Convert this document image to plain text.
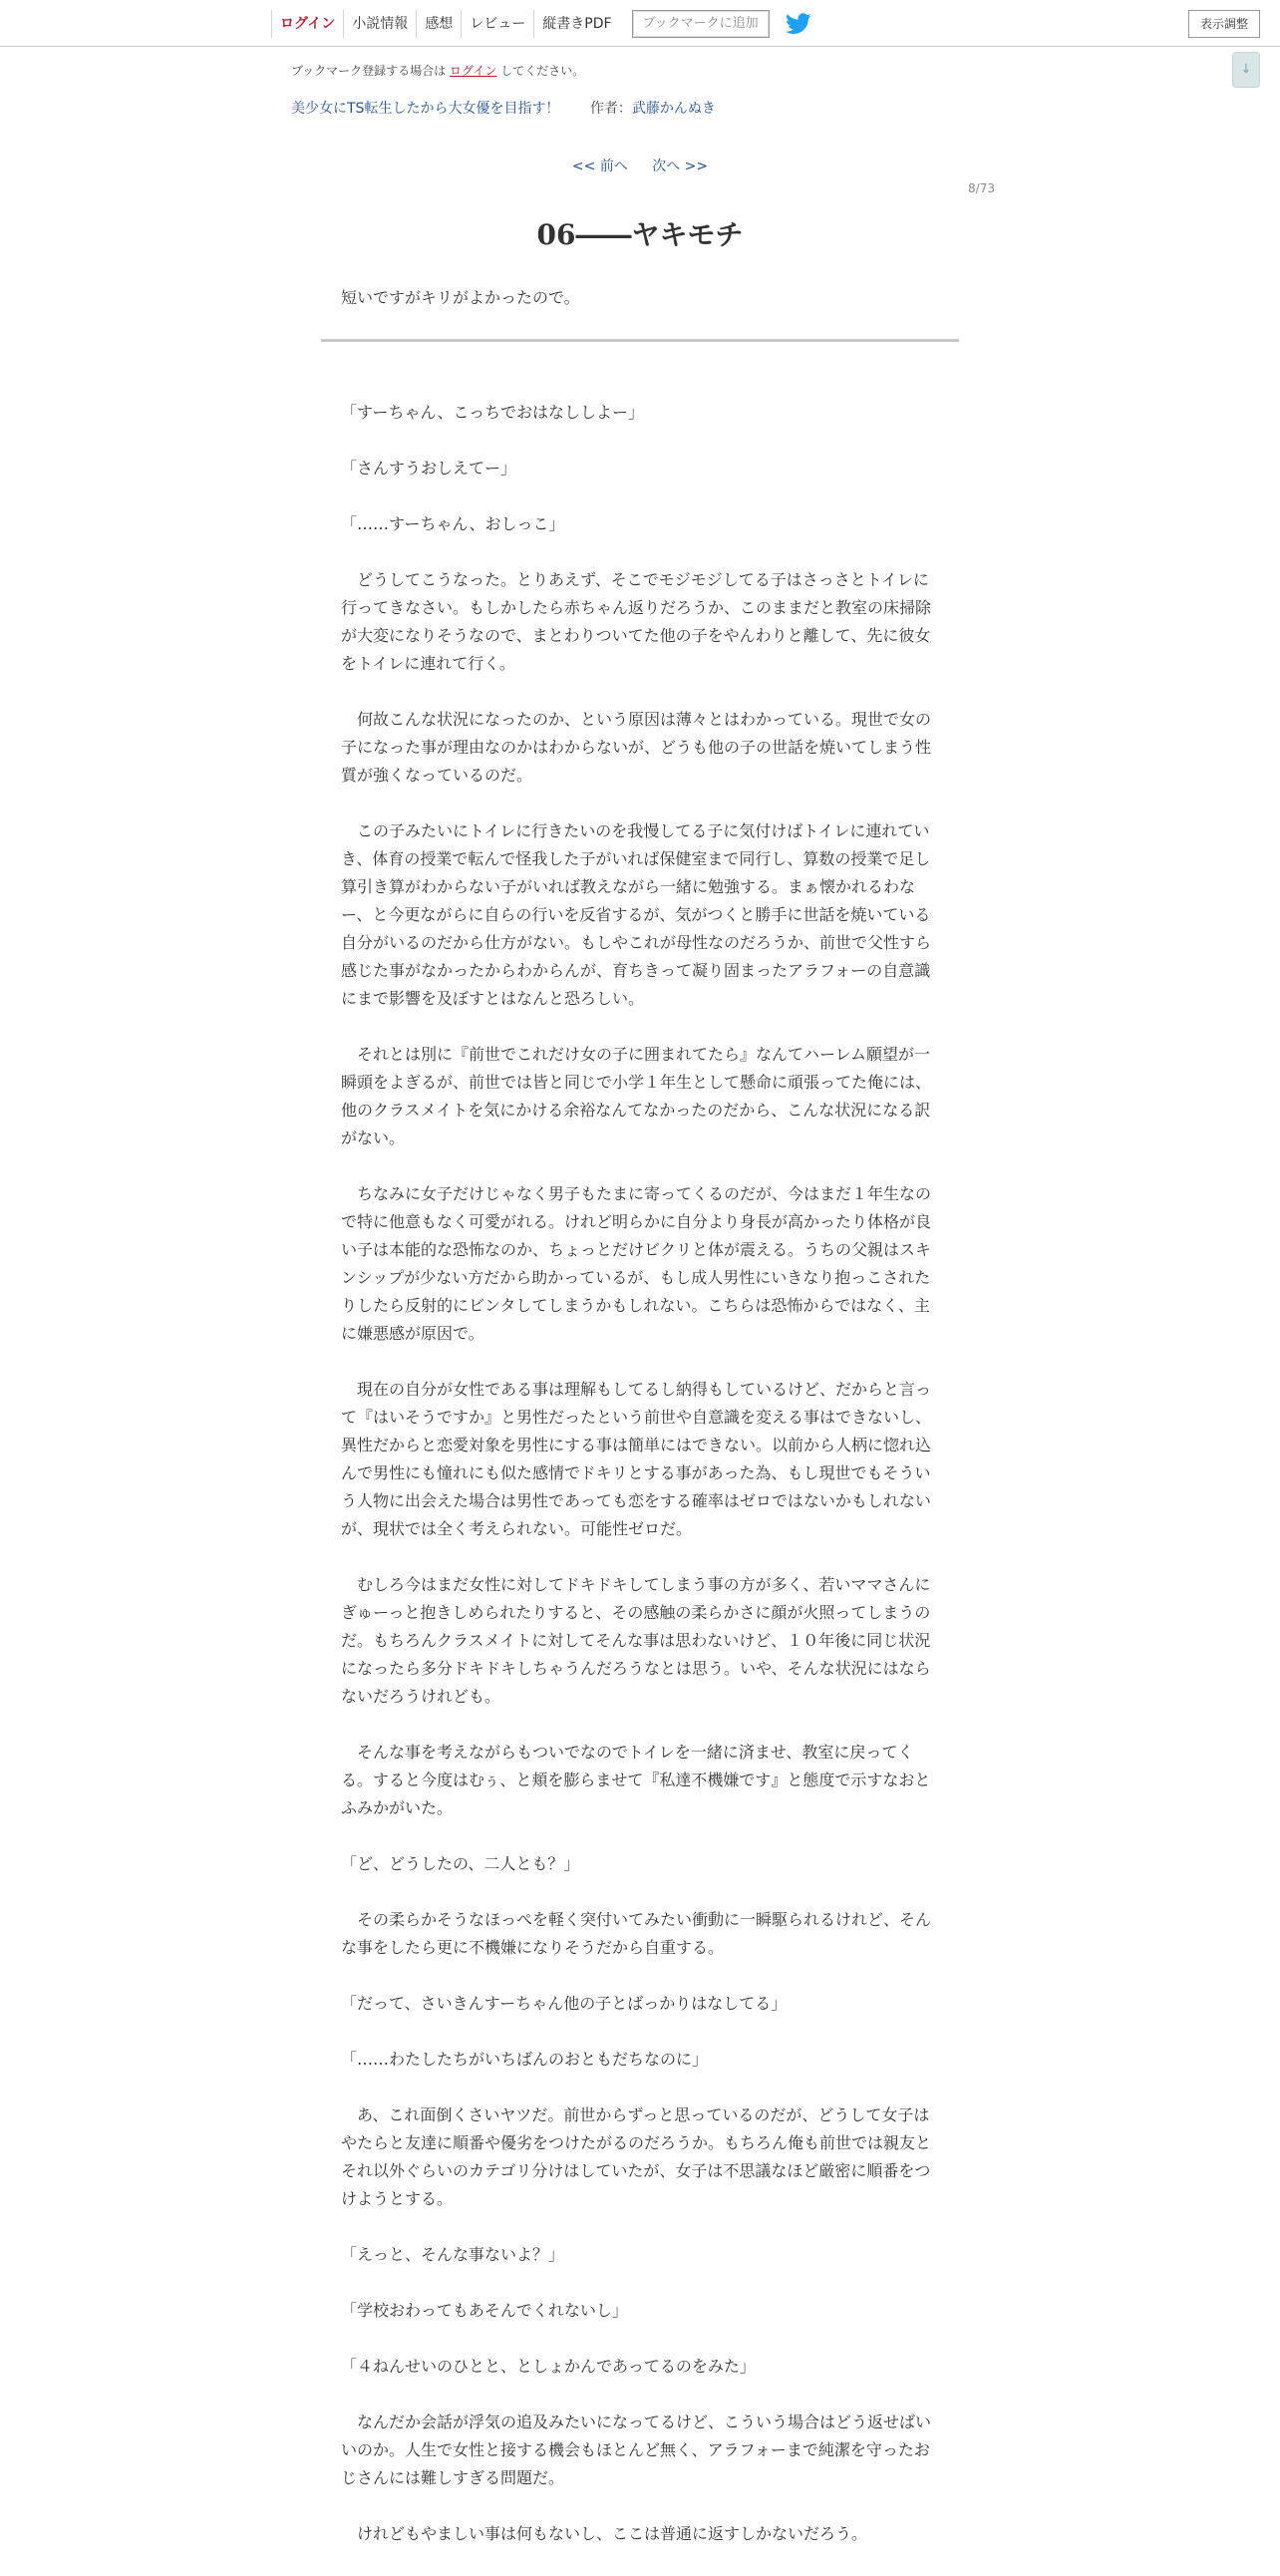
ログイン	小説情報	感想	レビュー	縦書きPDF	ブックマークに追加	表示調整
↓
ブックマーク登録する場合は ログイン してください。
美少女にTS転生したから大女優を目指す！ 作者：武藤かんぬき
<< 前へ 次へ >>
8/73
06――ヤキモチ
短いですがキリがよかったので。

「すーちゃん、こっちでおはなししよー」

「さんすうおしえてー」

「……すーちゃん、おしっこ」

　どうしてこうなった。とりあえず、そこでモジモジしてる子はさっさとトイレに行ってきなさい。もしかしたら赤ちゃん返りだろうか、このままだと教室の床掃除が大変になりそうなので、まとわりついてた他の子をやんわりと離して、先に彼女をトイレに連れて行く。

　何故こんな状況になったのか、という原因は薄々とはわかっている。現世で女の子になった事が理由なのかはわからないが、どうも他の子の世話を焼いてしまう性質が強くなっているのだ。

　この子みたいにトイレに行きたいのを我慢してる子に気付けばトイレに連れていき、体育の授業で転んで怪我した子がいれば保健室まで同行し、算数の授業で足し算引き算がわからない子がいれば教えながら一緒に勉強する。まぁ懐かれるわなー、と今更ながらに自らの行いを反省するが、気がつくと勝手に世話を焼いている自分がいるのだから仕方がない。もしやこれが母性なのだろうか、前世で父性すら感じた事がなかったからわからんが、育ちきって凝り固まったアラフォーの自意識にまで影響を及ぼすとはなんと恐ろしい。

　それとは別に『前世でこれだけ女の子に囲まれてたら』なんてハーレム願望が一瞬頭をよぎるが、前世では皆と同じで小学１年生として懸命に頑張ってた俺には、他のクラスメイトを気にかける余裕なんてなかったのだから、こんな状況になる訳がない。

　ちなみに女子だけじゃなく男子もたまに寄ってくるのだが、今はまだ１年生なので特に他意もなく可愛がれる。けれど明らかに自分より身長が高かったり体格が良い子は本能的な恐怖なのか、ちょっとだけビクリと体が震える。うちの父親はスキンシップが少ない方だから助かっているが、もし成人男性にいきなり抱っこされたりしたら反射的にビンタしてしまうかもしれない。こちらは恐怖からではなく、主に嫌悪感が原因で。

　現在の自分が女性である事は理解もしてるし納得もしているけど、だからと言って『はいそうですか』と男性だったという前世や自意識を変える事はできないし、異性だからと恋愛対象を男性にする事は簡単にはできない。以前から人柄に惚れ込んで男性にも憧れにも似た感情でドキリとする事があった為、もし現世でもそういう人物に出会えた場合は男性であっても恋をする確率はゼロではないかもしれないが、現状では全く考えられない。可能性ゼロだ。

　むしろ今はまだ女性に対してドキドキしてしまう事の方が多く、若いママさんにぎゅーっと抱きしめられたりすると、その感触の柔らかさに顔が火照ってしまうのだ。もちろんクラスメイトに対してそんな事は思わないけど、１０年後に同じ状況になったら多分ドキドキしちゃうんだろうなとは思う。いや、そんな状況にはならないだろうけれども。

　そんな事を考えながらもついでなのでトイレを一緒に済ませ、教室に戻ってくる。すると今度はむぅ、と頬を膨らませて『私達不機嫌です』と態度で示すなおとふみかがいた。

「ど、どうしたの、二人とも？」

　その柔らかそうなほっぺを軽く突付いてみたい衝動に一瞬駆られるけれど、そんな事をしたら更に不機嫌になりそうだから自重する。

「だって、さいきんすーちゃん他の子とばっかりはなしてる」

「……わたしたちがいちばんのおともだちなのに」

　あ、これ面倒くさいヤツだ。前世からずっと思っているのだが、どうして女子はやたらと友達に順番や優劣をつけたがるのだろうか。もちろん俺も前世では親友とそれ以外ぐらいのカテゴリ分けはしていたが、女子は不思議なほど厳密に順番をつけようとする。

「えっと、そんな事ないよ？」

「学校おわってもあそんでくれないし」

「４ねんせいのひとと、としょかんであってるのをみた」

　なんだか会話が浮気の追及みたいになってるけど、こういう場合はどう返せばいいのか。人生で女性と接する機会もほとんど無く、アラフォーまで純潔を守ったおじさんには難しすぎる問題だ。

　けれどもやましい事は何もないし、ここは普通に返すしかないだろう。
